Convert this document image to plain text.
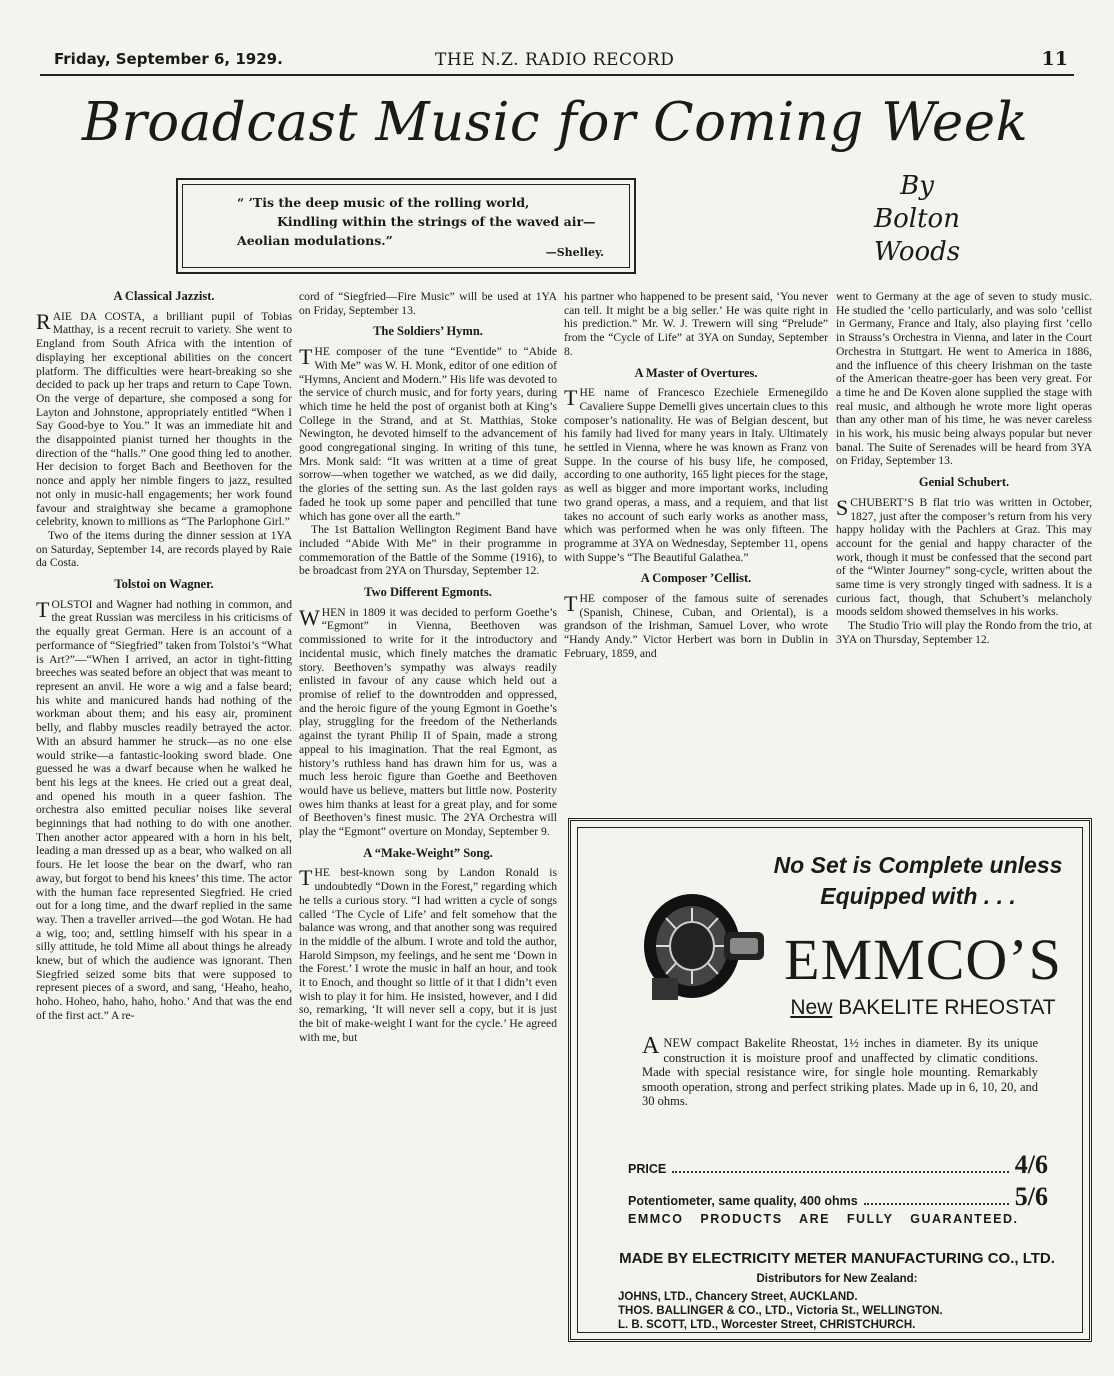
Friday, September 6, 1929.	THE N.Z. RADIO RECORD	11
Broadcast Music for Coming Week
“ ’Tis the deep music of the rolling world,
Kindling within the strings of the waved air—
Aeolian modulations.”
—Shelley.
By
Bolton
Woods
A Classical Jazzist.

RAIE DA COSTA, a brilliant pupil of Tobias Matthay, is a recent recruit to variety. She went to England from South Africa with the intention of displaying her exceptional abilities on the concert platform. The difficulties were heart-breaking so she decided to pack up her traps and return to Cape Town. On the verge of departure, she composed a song for Layton and Johnstone, appropriately entitled “When I Say Good-bye to You.” It was an immediate hit and the disappointed pianist turned her thoughts in the direction of the “halls.” One good thing led to another. Her decision to forget Bach and Beethoven for the nonce and apply her nimble fingers to jazz, resulted not only in music-hall engagements; her work found favour and straightway she became a gramophone celebrity, known to millions as “The Parlophone Girl.”

Two of the items during the dinner session at 1YA on Saturday, September 14, are records played by Raie da Costa.

Tolstoi on Wagner.

TOLSTOI and Wagner had nothing in common, and the great Russian was merciless in his criticisms of the equally great German. Here is an account of a performance of “Siegfried” taken from Tolstoi’s “What is Art?”—“When I arrived, an actor in tight-fitting breeches was seated before an object that was meant to represent an anvil. He wore a wig and a false beard; his white and manicured hands had nothing of the workman about them; and his easy air, prominent belly, and flabby muscles readily betrayed the actor. With an absurd hammer he struck—as no one else would strike—a fantastic-looking sword blade. One guessed he was a dwarf because when he walked he bent his legs at the knees. He cried out a great deal, and opened his mouth in a queer fashion. The orchestra also emitted peculiar noises like several beginnings that had nothing to do with one another. Then another actor appeared with a horn in his belt, leading a man dressed up as a bear, who walked on all fours. He let loose the bear on the dwarf, who ran away, but forgot to bend his knees’ this time. The actor with the human face represented Siegfried. He cried out for a long time, and the dwarf replied in the same way. Then a traveller arrived—the god Wotan. He had a wig, too; and, settling himself with his spear in a silly attitude, he told Mime all about things he already knew, but of which the audience was ignorant. Then Siegfried seized some bits that were supposed to represent pieces of a sword, and sang, ‘Heaho, heaho, hoho. Hoheo, haho, haho, hoho.’ And that was the end of the first act.” A re-

cord of “Siegfried—Fire Music” will be used at 1YA on Friday, September 13.

The Soldiers’ Hymn.

THE composer of the tune “Eventide” to “Abide With Me” was W. H. Monk, editor of one edition of “Hymns, Ancient and Modern.” His life was devoted to the service of church music, and for forty years, during which time he held the post of organist both at King’s College in the Strand, and at St. Matthias, Stoke Newington, he devoted himself to the advancement of good congregational singing. In writing of this tune, Mrs. Monk said: “It was written at a time of great sorrow—when together we watched, as we did daily, the glories of the setting sun. As the last golden rays faded he took up some paper and pencilled that tune which has gone over all the earth.”

The 1st Battalion Wellington Regiment Band have included “Abide With Me” in their programme in commemoration of the Battle of the Somme (1916), to be broadcast from 2YA on Thursday, September 12.

Two Different Egmonts.

WHEN in 1809 it was decided to perform Goethe’s “Egmont” in Vienna, Beethoven was commissioned to write for it the introductory and incidental music, which finely matches the dramatic story. Beethoven’s sympathy was always readily enlisted in favour of any cause which held out a promise of relief to the downtrodden and oppressed, and the heroic figure of the young Egmont in Goethe’s play, struggling for the freedom of the Netherlands against the tyrant Philip II of Spain, made a strong appeal to his imagination. That the real Egmont, as history’s ruthless hand has drawn him for us, was a much less heroic figure than Goethe and Beethoven would have us believe, matters but little now. Posterity owes him thanks at least for a great play, and for some of Beethoven’s finest music. The 2YA Orchestra will play the “Egmont” overture on Monday, September 9.

A “Make-Weight” Song.

THE best-known song by Landon Ronald is undoubtedly “Down in the Forest,” regarding which he tells a curious story. “I had written a cycle of songs called ‘The Cycle of Life’ and felt somehow that the balance was wrong, and that another song was required in the middle of the album. I wrote and told the author, Harold Simpson, my feelings, and he sent me ‘Down in the Forest.’ I wrote the music in half an hour, and took it to Enoch, and thought so little of it that I didn’t even wish to play it for him. He insisted, however, and I did so, remarking, ‘It will never sell a copy, but it is just the bit of make-weight I want for the cycle.’ He agreed with me, but

his partner who happened to be present said, ‘You never can tell. It might be a big seller.’ He was quite right in his prediction.” Mr. W. J. Trewern will sing “Prelude” from the “Cycle of Life” at 3YA on Sunday, September 8.

A Master of Overtures.

THE name of Francesco Ezechiele Ermenegildo Cavaliere Suppe Demelli gives uncertain clues to this composer’s nationality. He was of Belgian descent, but his family had lived for many years in Italy. Ultimately he settled in Vienna, where he was known as Franz von Suppe. In the course of his busy life, he composed, according to one authority, 165 light pieces for the stage, as well as bigger and more important works, including two grand operas, a mass, and a requiem, and that list takes no account of such early works as another mass, which was performed when he was only fifteen. The programme at 3YA on Wednesday, September 11, opens with Suppe’s “The Beautiful Galathea.”

A Composer ’Cellist.

THE composer of the famous suite of serenades (Spanish, Chinese, Cuban, and Oriental), is a grandson of the Irishman, Samuel Lover, who wrote “Handy Andy.” Victor Herbert was born in Dublin in February, 1859, and

went to Germany at the age of seven to study music. He studied the ’cello particularly, and was solo ’cellist in Germany, France and Italy, also playing first ’cello in Strauss’s Orchestra in Vienna, and later in the Court Orchestra in Stuttgart. He went to America in 1886, and the influence of this cheery Irishman on the taste of the American theatre-goer has been very great. For a time he and De Koven alone supplied the stage with real music, and although he wrote more light operas than any other man of his time, he was never careless in his work, his music being always popular but never banal. The Suite of Serenades will be heard from 3YA on Friday, September 13.

Genial Schubert.

SCHUBERT’S B flat trio was written in October, 1827, just after the composer’s return from his very happy holiday with the Pachlers at Graz. This may account for the genial and happy character of the work, though it must be confessed that the second part of the “Winter Journey” song-cycle, written about the same time is very strongly tinged with sadness. It is a curious fact, though, that Schubert’s melancholy moods seldom showed themselves in his works.

The Studio Trio will play the Rondo from the trio, at 3YA on Thursday, September 12.

No Set is Complete unless
Equipped with . . .
EMMCO’S
New BAKELITE RHEOSTAT
ANEW compact Bakelite Rheostat, 1½ inches in diameter. By its unique construction it is moisture proof and unaffected by climatic conditions. Made with special resistance wire, for single hole mounting. Remarkably smooth operation, strong and perfect striking plates. Made up in 6, 10, 20, and 30 ohms.
PRICE	4/6
Potentiometer, same quality, 400 ohms	5/6
EMMCO PRODUCTS ARE FULLY GUARANTEED.
MADE BY ELECTRICITY METER MANUFACTURING CO., LTD.
Distributors for New Zealand:
JOHNS, LTD., Chancery Street, AUCKLAND.
THOS. BALLINGER & CO., LTD., Victoria St., WELLINGTON.
L. B. SCOTT, LTD., Worcester Street, CHRISTCHURCH.
